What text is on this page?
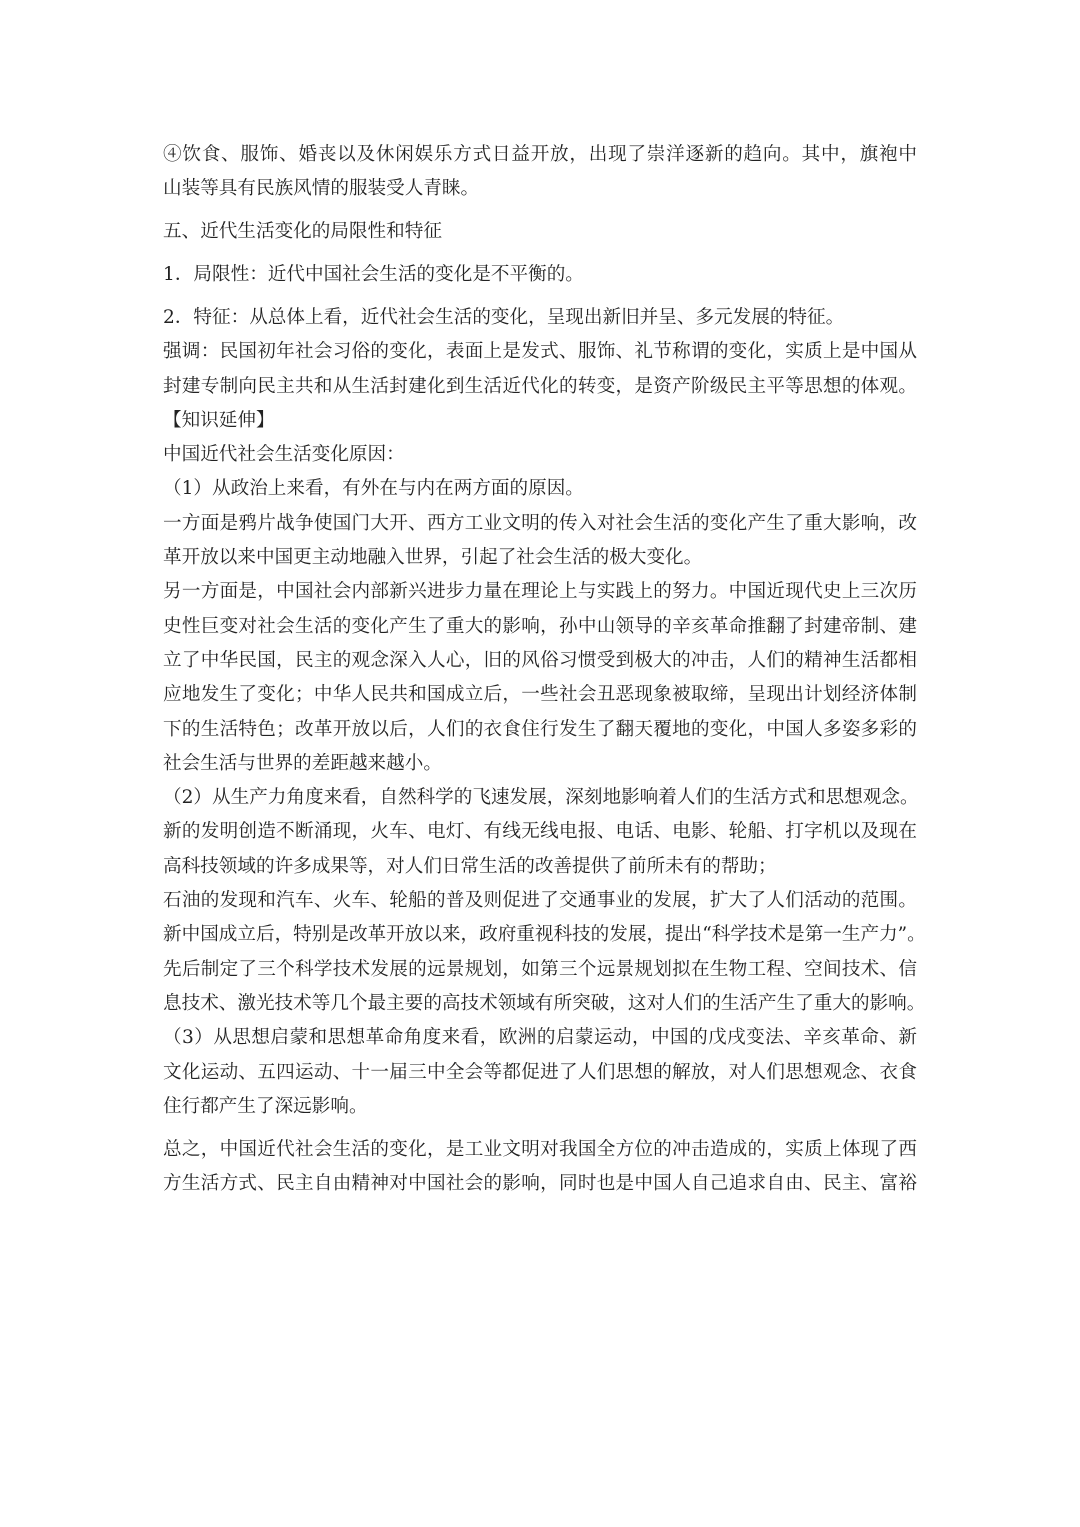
④饮食、服饰、婚丧以及休闲娱乐方式日益开放，出现了崇洋逐新的趋向。其中，旗袍中
山装等具有民族风情的服装受人青睐。
五、近代生活变化的局限性和特征
1．局限性：近代中国社会生活的变化是不平衡的。
2．特征：从总体上看，近代社会生活的变化，呈现出新旧并呈、多元发展的特征。
强调：民国初年社会习俗的变化，表面上是发式、服饰、礼节称谓的变化，实质上是中国从
封建专制向民主共和从生活封建化到生活近代化的转变，是资产阶级民主平等思想的体观。
【知识延伸】
中国近代社会生活变化原因：
（1）从政治上来看，有外在与内在两方面的原因。
一方面是鸦片战争使国门大开、西方工业文明的传入对社会生活的变化产生了重大影响，改
革开放以来中国更主动地融入世界，引起了社会生活的极大变化。
另一方面是，中国社会内部新兴进步力量在理论上与实践上的努力。中国近现代史上三次历
史性巨变对社会生活的变化产生了重大的影响，孙中山领导的辛亥革命推翻了封建帝制、建
立了中华民国，民主的观念深入人心，旧的风俗习惯受到极大的冲击，人们的精神生活都相
应地发生了变化；中华人民共和国成立后，一些社会丑恶现象被取缔，呈现出计划经济体制
下的生活特色；改革开放以后，人们的衣食住行发生了翻天覆地的变化，中国人多姿多彩的
社会生活与世界的差距越来越小。
（2）从生产力角度来看，自然科学的飞速发展，深刻地影响着人们的生活方式和思想观念。
新的发明创造不断涌现，火车、电灯、有线无线电报、电话、电影、轮船、打字机以及现在
高科技领域的许多成果等，对人们日常生活的改善提供了前所未有的帮助；
石油的发现和汽车、火车、轮船的普及则促进了交通事业的发展，扩大了人们活动的范围。
新中国成立后，特别是改革开放以来，政府重视科技的发展，提出“科学技术是第一生产力”。
先后制定了三个科学技术发展的远景规划，如第三个远景规划拟在生物工程、空间技术、信
息技术、激光技术等几个最主要的高技术领域有所突破，这对人们的生活产生了重大的影响。
（3）从思想启蒙和思想革命角度来看，欧洲的启蒙运动，中国的戊戌变法、辛亥革命、新
文化运动、五四运动、十一届三中全会等都促进了人们思想的解放，对人们思想观念、衣食
住行都产生了深远影响。
总之，中国近代社会生活的变化，是工业文明对我国全方位的冲击造成的，实质上体现了西
方生活方式、民主自由精神对中国社会的影响，同时也是中国人自己追求自由、民主、富裕
